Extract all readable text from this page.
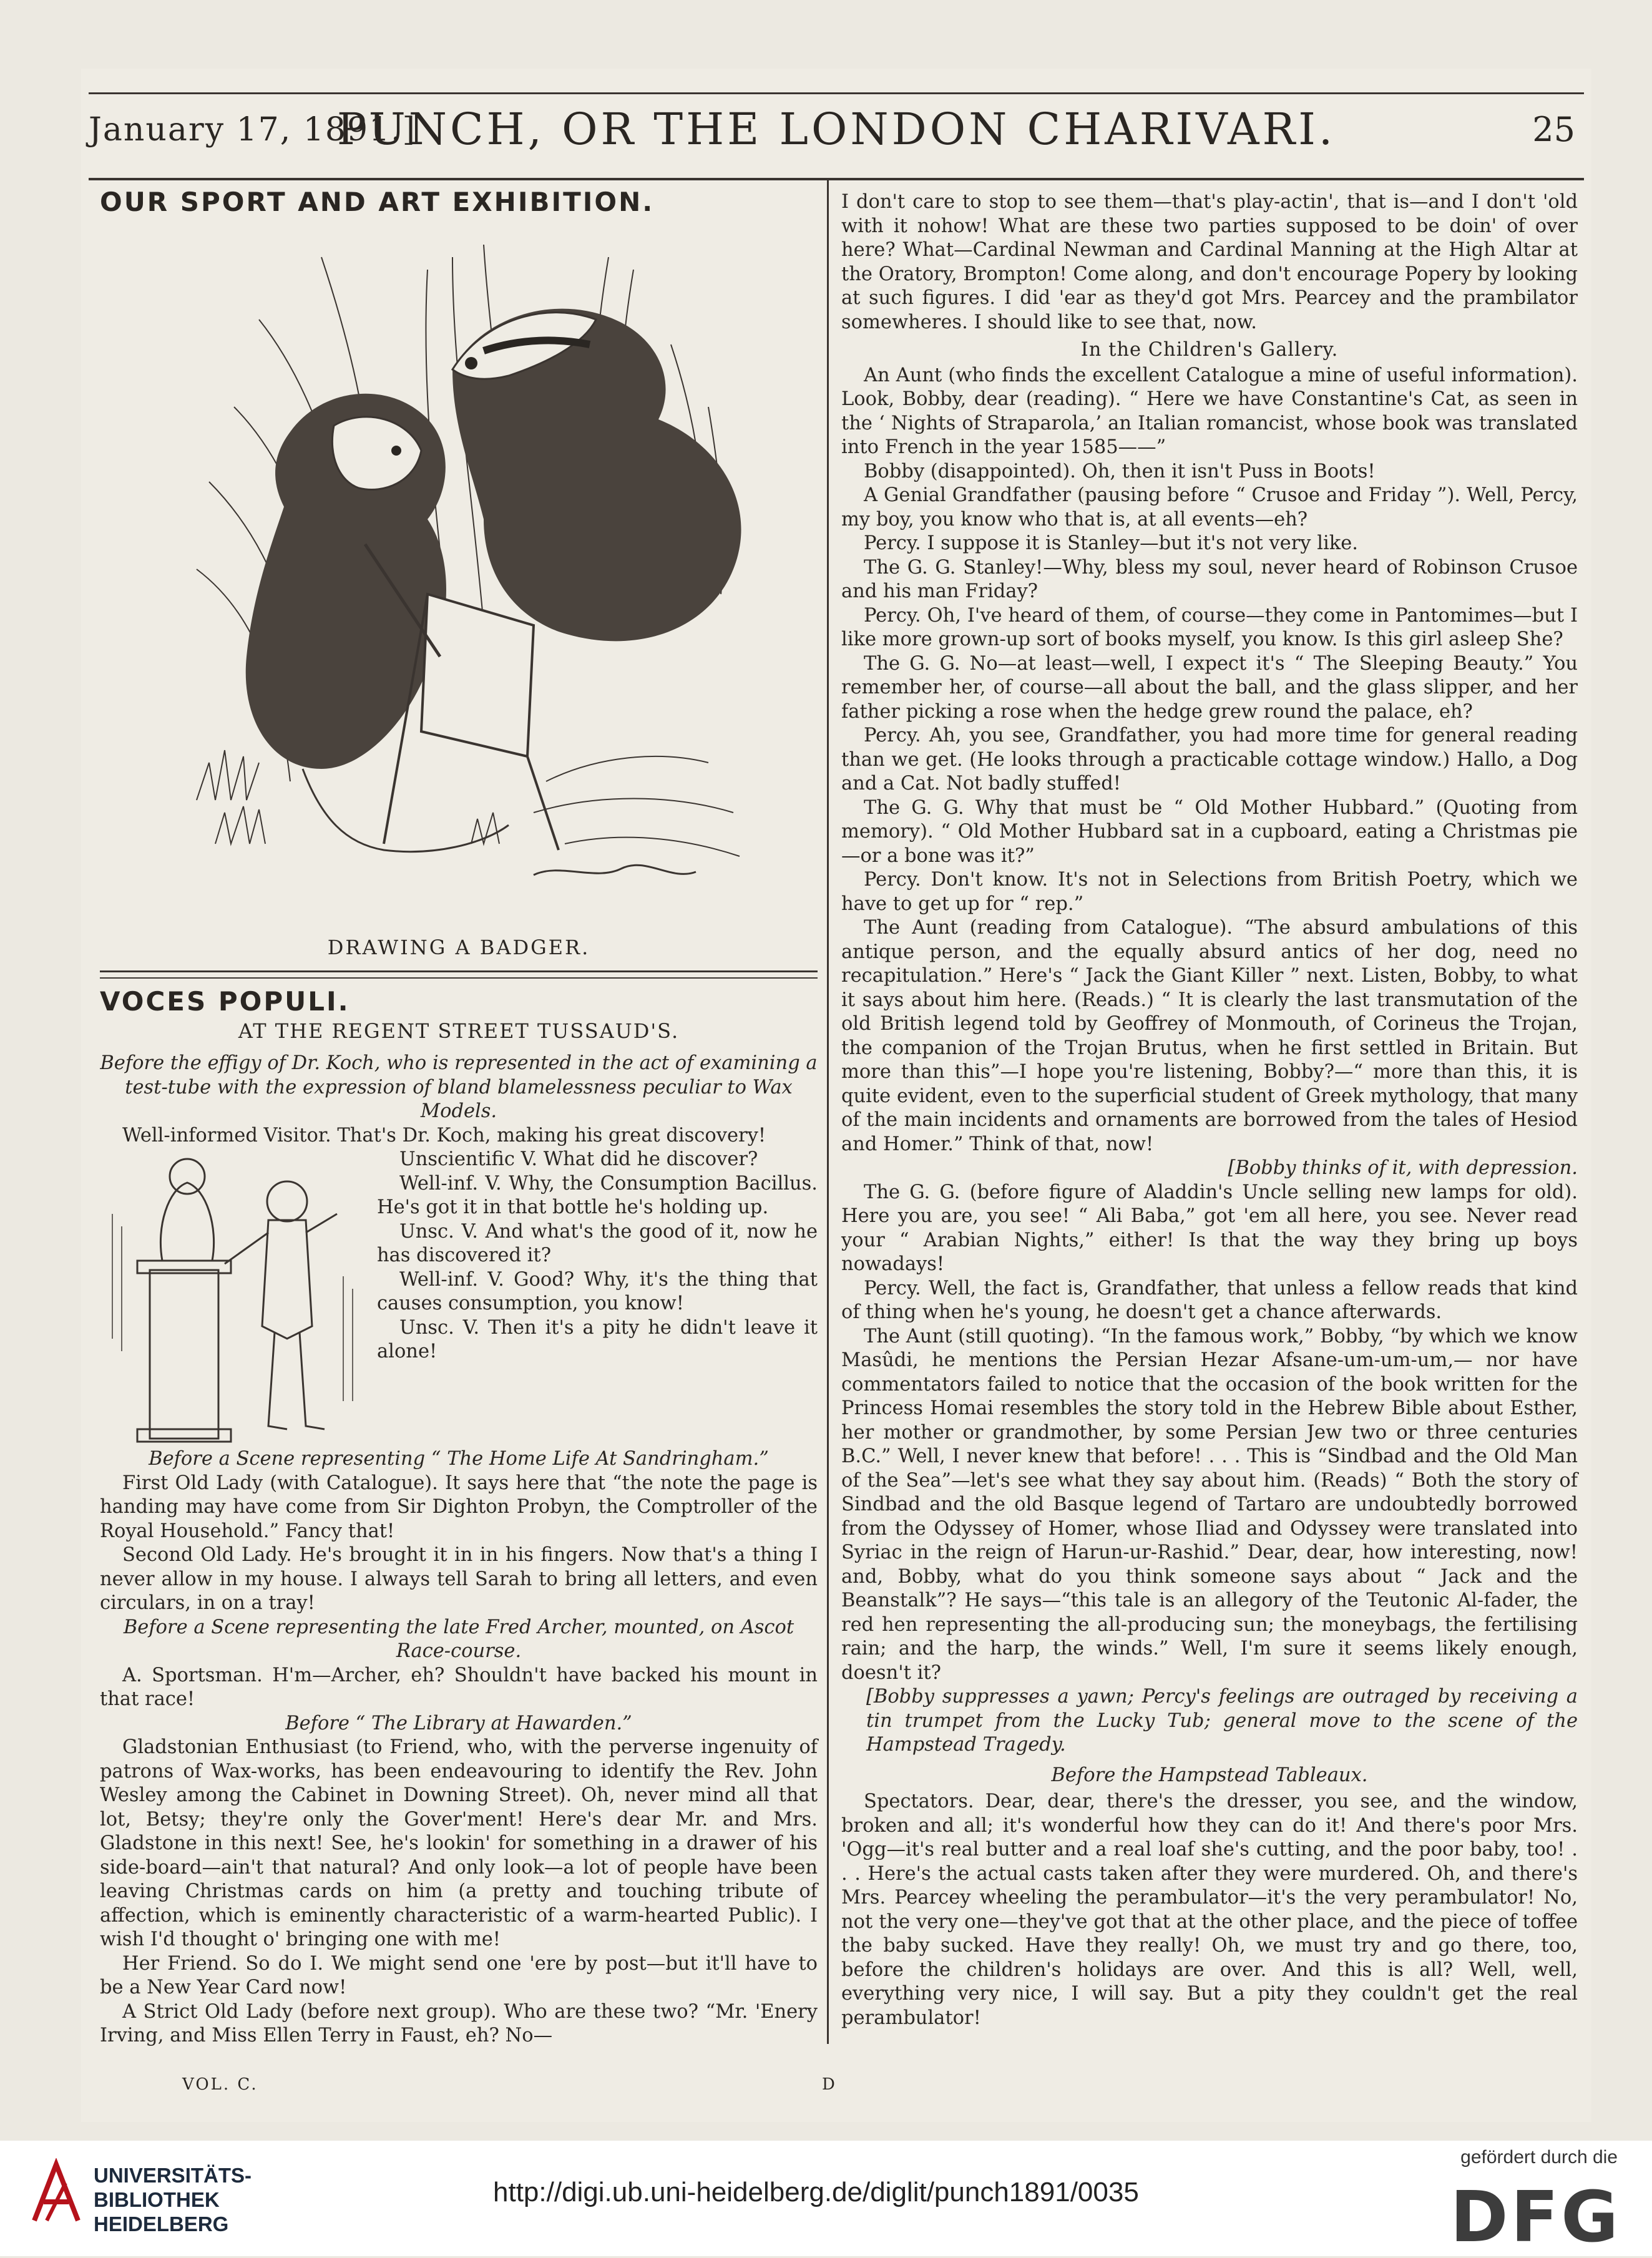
January 17, 1891.]
PUNCH, OR THE LONDON CHARIVARI.	25

OUR SPORT AND ART EXHIBITION.

DRAWING A BADGER.

VOCES POPULI.

AT THE REGENT STREET TUSSAUD'S.

Before the effigy of Dr. Koch, who is represented in the act of examining a test-tube with the expression of bland blamelessness peculiar to Wax Models.

Well-informed Visitor. That's Dr. Koch, making his great discovery!

Unscientific V. What did he discover?

Well-inf. V. Why, the Consumption Bacillus. He's got it in that bottle he's holding up.

Unsc. V. And what's the good of it, now he has discovered it?

Well-inf. V. Good? Why, it's the thing that causes consumption, you know!

Unsc. V. Then it's a pity he didn't leave it alone!

Before a Scene representing “ The Home Life At Sandringham.”

First Old Lady (with Catalogue). It says here that “the note the page is handing may have come from Sir Dighton Probyn, the Comptroller of the Royal Household.” Fancy that!

Second Old Lady. He's brought it in in his fingers. Now that's a thing I never allow in my house. I always tell Sarah to bring all letters, and even circulars, in on a tray!

Before a Scene representing the late Fred Archer, mounted, on Ascot Race-course.

A. Sportsman. H'm—Archer, eh? Shouldn't have backed his mount in that race!

Before “ The Library at Hawarden.”

Gladstonian Enthusiast (to Friend, who, with the perverse ingenuity of patrons of Wax-works, has been endeavouring to identify the Rev. John Wesley among the Cabinet in Downing Street). Oh, never mind all that lot, Betsy; they're only the Gover'ment! Here's dear Mr. and Mrs. Gladstone in this next! See, he's lookin' for something in a drawer of his side-board—ain't that natural? And only look—a lot of people have been leaving Christmas cards on him (a pretty and touching tribute of affection, which is eminently characteristic of a warm-hearted Public). I wish I'd thought o' bringing one with me!

Her Friend. So do I. We might send one 'ere by post—but it'll have to be a New Year Card now!

A Strict Old Lady (before next group). Who are these two? “Mr. 'Enery Irving, and Miss Ellen Terry in Faust, eh? No—

I don't care to stop to see them—that's play-actin', that is—and I don't 'old with it nohow! What are these two parties supposed to be doin' of over here? What—Cardinal Newman and Cardinal Manning at the High Altar at the Oratory, Brompton! Come along, and don't encourage Popery by looking at such figures. I did 'ear as they'd got Mrs. Pearcey and the prambilator somewheres. I should like to see that, now.

In the Children's Gallery.

An Aunt (who finds the excellent Catalogue a mine of useful information). Look, Bobby, dear (reading). “ Here we have Constantine's Cat, as seen in the ‘ Nights of Straparola,’ an Italian romancist, whose book was translated into French in the year 1585——”

Bobby (disappointed). Oh, then it isn't Puss in Boots!

A Genial Grandfather (pausing before “ Crusoe and Friday ”). Well, Percy, my boy, you know who that is, at all events—eh?

Percy. I suppose it is Stanley—but it's not very like.

The G. G. Stanley!—Why, bless my soul, never heard of Robinson Crusoe and his man Friday?

Percy. Oh, I've heard of them, of course—they come in Pantomimes—but I like more grown-up sort of books myself, you know. Is this girl asleep She?

The G. G. No—at least—well, I expect it's “ The Sleeping Beauty.” You remember her, of course—all about the ball, and the glass slipper, and her father picking a rose when the hedge grew round the palace, eh?

Percy. Ah, you see, Grandfather, you had more time for general reading than we get. (He looks through a practicable cottage window.) Hallo, a Dog and a Cat. Not badly stuffed!

The G. G. Why that must be “ Old Mother Hubbard.” (Quoting from memory). “ Old Mother Hubbard sat in a cupboard, eating a Christmas pie—or a bone was it?”

Percy. Don't know. It's not in Selections from British Poetry, which we have to get up for “ rep.”

The Aunt (reading from Catalogue). “The absurd ambulations of this antique person, and the equally absurd antics of her dog, need no recapitulation.” Here's “ Jack the Giant Killer ” next. Listen, Bobby, to what it says about him here. (Reads.) “ It is clearly the last transmutation of the old British legend told by Geoffrey of Monmouth, of Corineus the Trojan, the companion of the Trojan Brutus, when he first settled in Britain. But more than this”—I hope you're listening, Bobby?—“ more than this, it is quite evident, even to the superficial student of Greek mythology, that many of the main incidents and ornaments are borrowed from the tales of Hesiod and Homer.” Think of that, now!

[Bobby thinks of it, with depression.

The G. G. (before figure of Aladdin's Uncle selling new lamps for old). Here you are, you see! “ Ali Baba,” got 'em all here, you see. Never read your “ Arabian Nights,” either! Is that the way they bring up boys nowadays!

Percy. Well, the fact is, Grandfather, that unless a fellow reads that kind of thing when he's young, he doesn't get a chance afterwards.

The Aunt (still quoting). “In the famous work,” Bobby, “by which we know Masûdi, he mentions the Persian Hezar Afsane-um-um-um,— nor have commentators failed to notice that the occasion of the book written for the Princess Homai resembles the story told in the Hebrew Bible about Esther, her mother or grandmother, by some Persian Jew two or three centuries B.C.” Well, I never knew that before! . . . This is “Sindbad and the Old Man of the Sea”—let's see what they say about him. (Reads) “ Both the story of Sindbad and the old Basque legend of Tartaro are undoubtedly borrowed from the Odyssey of Homer, whose Iliad and Odyssey were translated into Syriac in the reign of Harun-ur-Rashid.” Dear, dear, how interesting, now! and, Bobby, what do you think someone says about “ Jack and the Beanstalk”? He says—“this tale is an allegory of the Teutonic Al-fader, the red hen representing the all-producing sun; the moneybags, the fertilising rain; and the harp, the winds.” Well, I'm sure it seems likely enough, doesn't it?

[Bobby suppresses a yawn; Percy's feelings are outraged by receiving a tin trumpet from the Lucky Tub; general move to the scene of the Hampstead Tragedy.

Before the Hampstead Tableaux.

Spectators. Dear, dear, there's the dresser, you see, and the window, broken and all; it's wonderful how they can do it! And there's poor Mrs. 'Ogg—it's real butter and a real loaf she's cutting, and the poor baby, too! . . . Here's the actual casts taken after they were murdered. Oh, and there's Mrs. Pearcey wheeling the perambulator—it's the very perambulator! No, not the very one—they've got that at the other place, and the piece of toffee the baby sucked. Have they really! Oh, we must try and go there, too, before the children's holidays are over. And this is all? Well, well, everything very nice, I will say. But a pity they couldn't get the real perambulator!

VOL. C.	D
UNIVERSITÄTS-
BIBLIOTHEK
HEIDELBERG
http://digi.ub.uni-heidelberg.de/diglit/punch1891/0035
gefördert durch die
DFG
